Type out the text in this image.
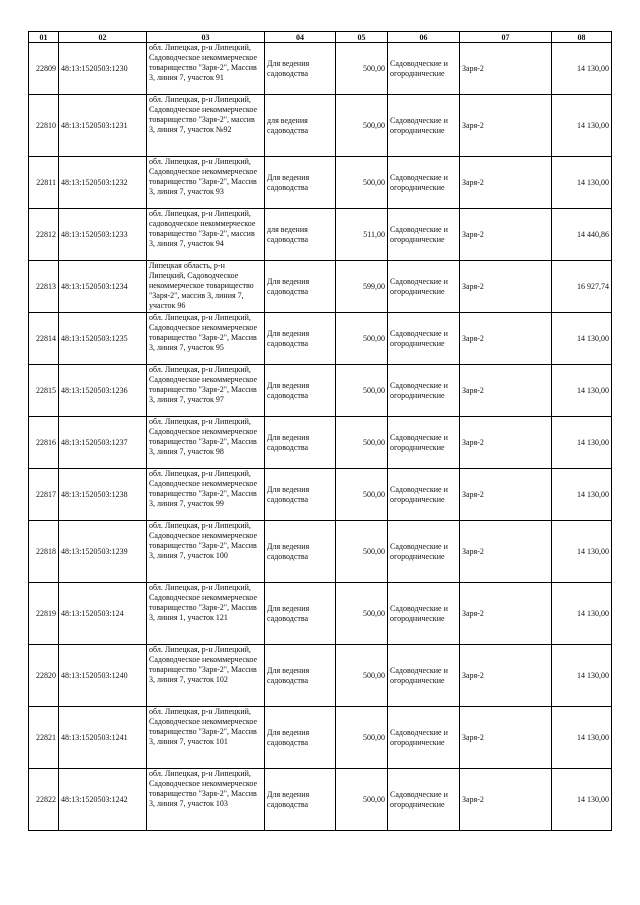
01	02	03	04	05	06	07	08
22809	48:13:1520503:1230	обл. Липецкая, р-н Липецкий, Садоводческое некоммерческое товарищество "Заря-2", Массив 3, линия 7, участок 91	Для ведения садоводства	500,00	Садоводческие и огороднические	Заря-2	14 130,00
22810	48:13:1520503:1231	обл. Липецкая, р-н Липецкий, Садоводческое некоммерческое товарищество "Заря-2", массив 3, линия 7, участок №92	для ведения садоводства	500,00	Садоводческие и огороднические	Заря-2	14 130,00
22811	48:13:1520503:1232	обл. Липецкая, р-н Липецкий, Садоводческое некоммерческое товарищество "Заря-2", Массив 3, линия 7, участок 93	Для ведения садоводства	500,00	Садоводческие и огороднические	Заря-2	14 130,00
22812	48:13:1520503:1233	обл. Липецкая, р-н Липецкий, садоводческое некоммерческое товарищество "Заря-2", массив 3, линия 7, участок 94	для ведения садоводства	511,00	Садоводческие и огороднические	Заря-2	14 440,86
22813	48:13:1520503:1234	Липецкая область, р-н Липецкий, Садоводческое некоммерческое товарищество "Заря-2", массив 3, линия 7, участок 96	Для ведения садоводства	599,00	Садоводческие и огороднические	Заря-2	16 927,74
22814	48:13:1520503:1235	обл. Липецкая, р-н Липецкий, Садоводческое некоммерческое товарищество "Заря-2", Массив 3, линия 7, участок 95	Для ведения садоводства	500,00	Садоводческие и огороднические	Заря-2	14 130,00
22815	48:13:1520503:1236	обл. Липецкая, р-н Липецкий, Садоводческое некоммерческое товарищество "Заря-2", Массив 3, линия 7, участок 97	Для ведения садоводства	500,00	Садоводческие и огороднические	Заря-2	14 130,00
22816	48:13:1520503:1237	обл. Липецкая, р-н Липецкий, Садоводческое некоммерческое товарищество "Заря-2", Массив 3, линия 7, участок 98	Для ведения садоводства	500,00	Садоводческие и огороднические	Заря-2	14 130,00
22817	48:13:1520503:1238	обл. Липецкая, р-н Липецкий, Садоводческое некоммерческое товарищество "Заря-2", Массив 3, линия 7, участок 99	Для ведения садоводства	500,00	Садоводческие и огороднические	Заря-2	14 130,00
22818	48:13:1520503:1239	обл. Липецкая, р-н Липецкий, Садоводческое некоммерческое товарищество "Заря-2", Массив 3, линия 7, участок 100	Для ведения садоводства	500,00	Садоводческие и огороднические	Заря-2	14 130,00
22819	48:13:1520503:124	обл. Липецкая, р-н Липецкий, Садоводческое некоммерческое товарищество "Заря-2", Массив 3, линия 1, участок 121	Для ведения садоводства	500,00	Садоводческие и огороднические	Заря-2	14 130,00
22820	48:13:1520503:1240	обл. Липецкая, р-н Липецкий, Садоводческое некоммерческое товарищество "Заря-2", Массив 3, линия 7, участок 102	Для ведения садоводства	500,00	Садоводческие и огороднические	Заря-2	14 130,00
22821	48:13:1520503:1241	обл. Липецкая, р-н Липецкий, Садоводческое некоммерческое товарищество "Заря-2", Массив 3, линия 7, участок 101	Для ведения садоводства	500,00	Садоводческие и огороднические	Заря-2	14 130,00
22822	48:13:1520503:1242	обл. Липецкая, р-н Липецкий, Садоводческое некоммерческое товарищество "Заря-2", Массив 3, линия 7, участок 103	Для ведения садоводства	500,00	Садоводческие и огороднические	Заря-2	14 130,00
